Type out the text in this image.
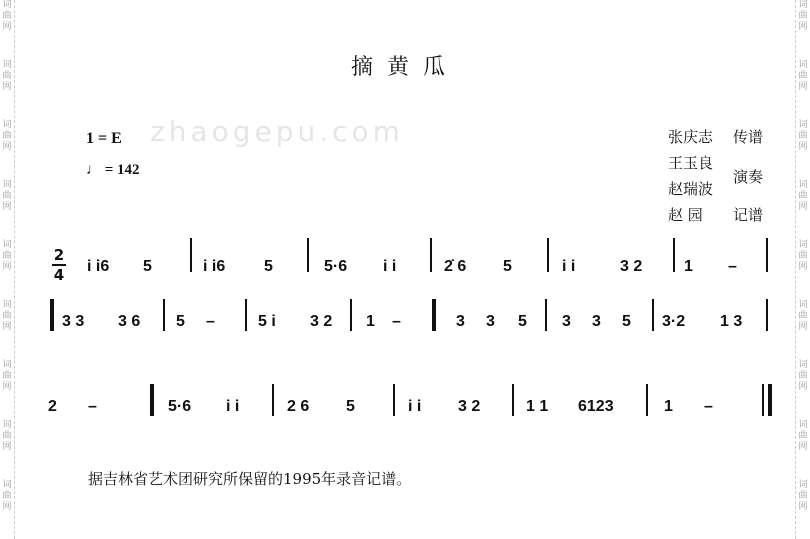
词
曲
网
词
曲
网
词
曲
网
词
曲
网
词
曲
网
词
曲
网
词
曲
网
词
曲
网
词
曲
网
词
曲
网
词
曲
网
词
曲
网
词
曲
网
词
曲
网
词
曲
网
词
曲
网
词
曲
网
词
曲
网
zhaogepu.com
摘黄瓜
张庆志 传谱
王玉良
演奏
赵瑞波
赵 园 记谱
1 = E
♩ = 142
2
4 i i6 5	i i6 5	5·6 i i	2̇ 6 5	i i	3 2	1 –
3 3 3 6 5 –	5 i 3 2 1 –	3 3 5 3 3 5 3·2 1 3
2 –	5·6 i i	2 6 5	i i 3 2	1 1 6123	1 –
据吉林省艺术团研究所保留的1995年录音记谱。
